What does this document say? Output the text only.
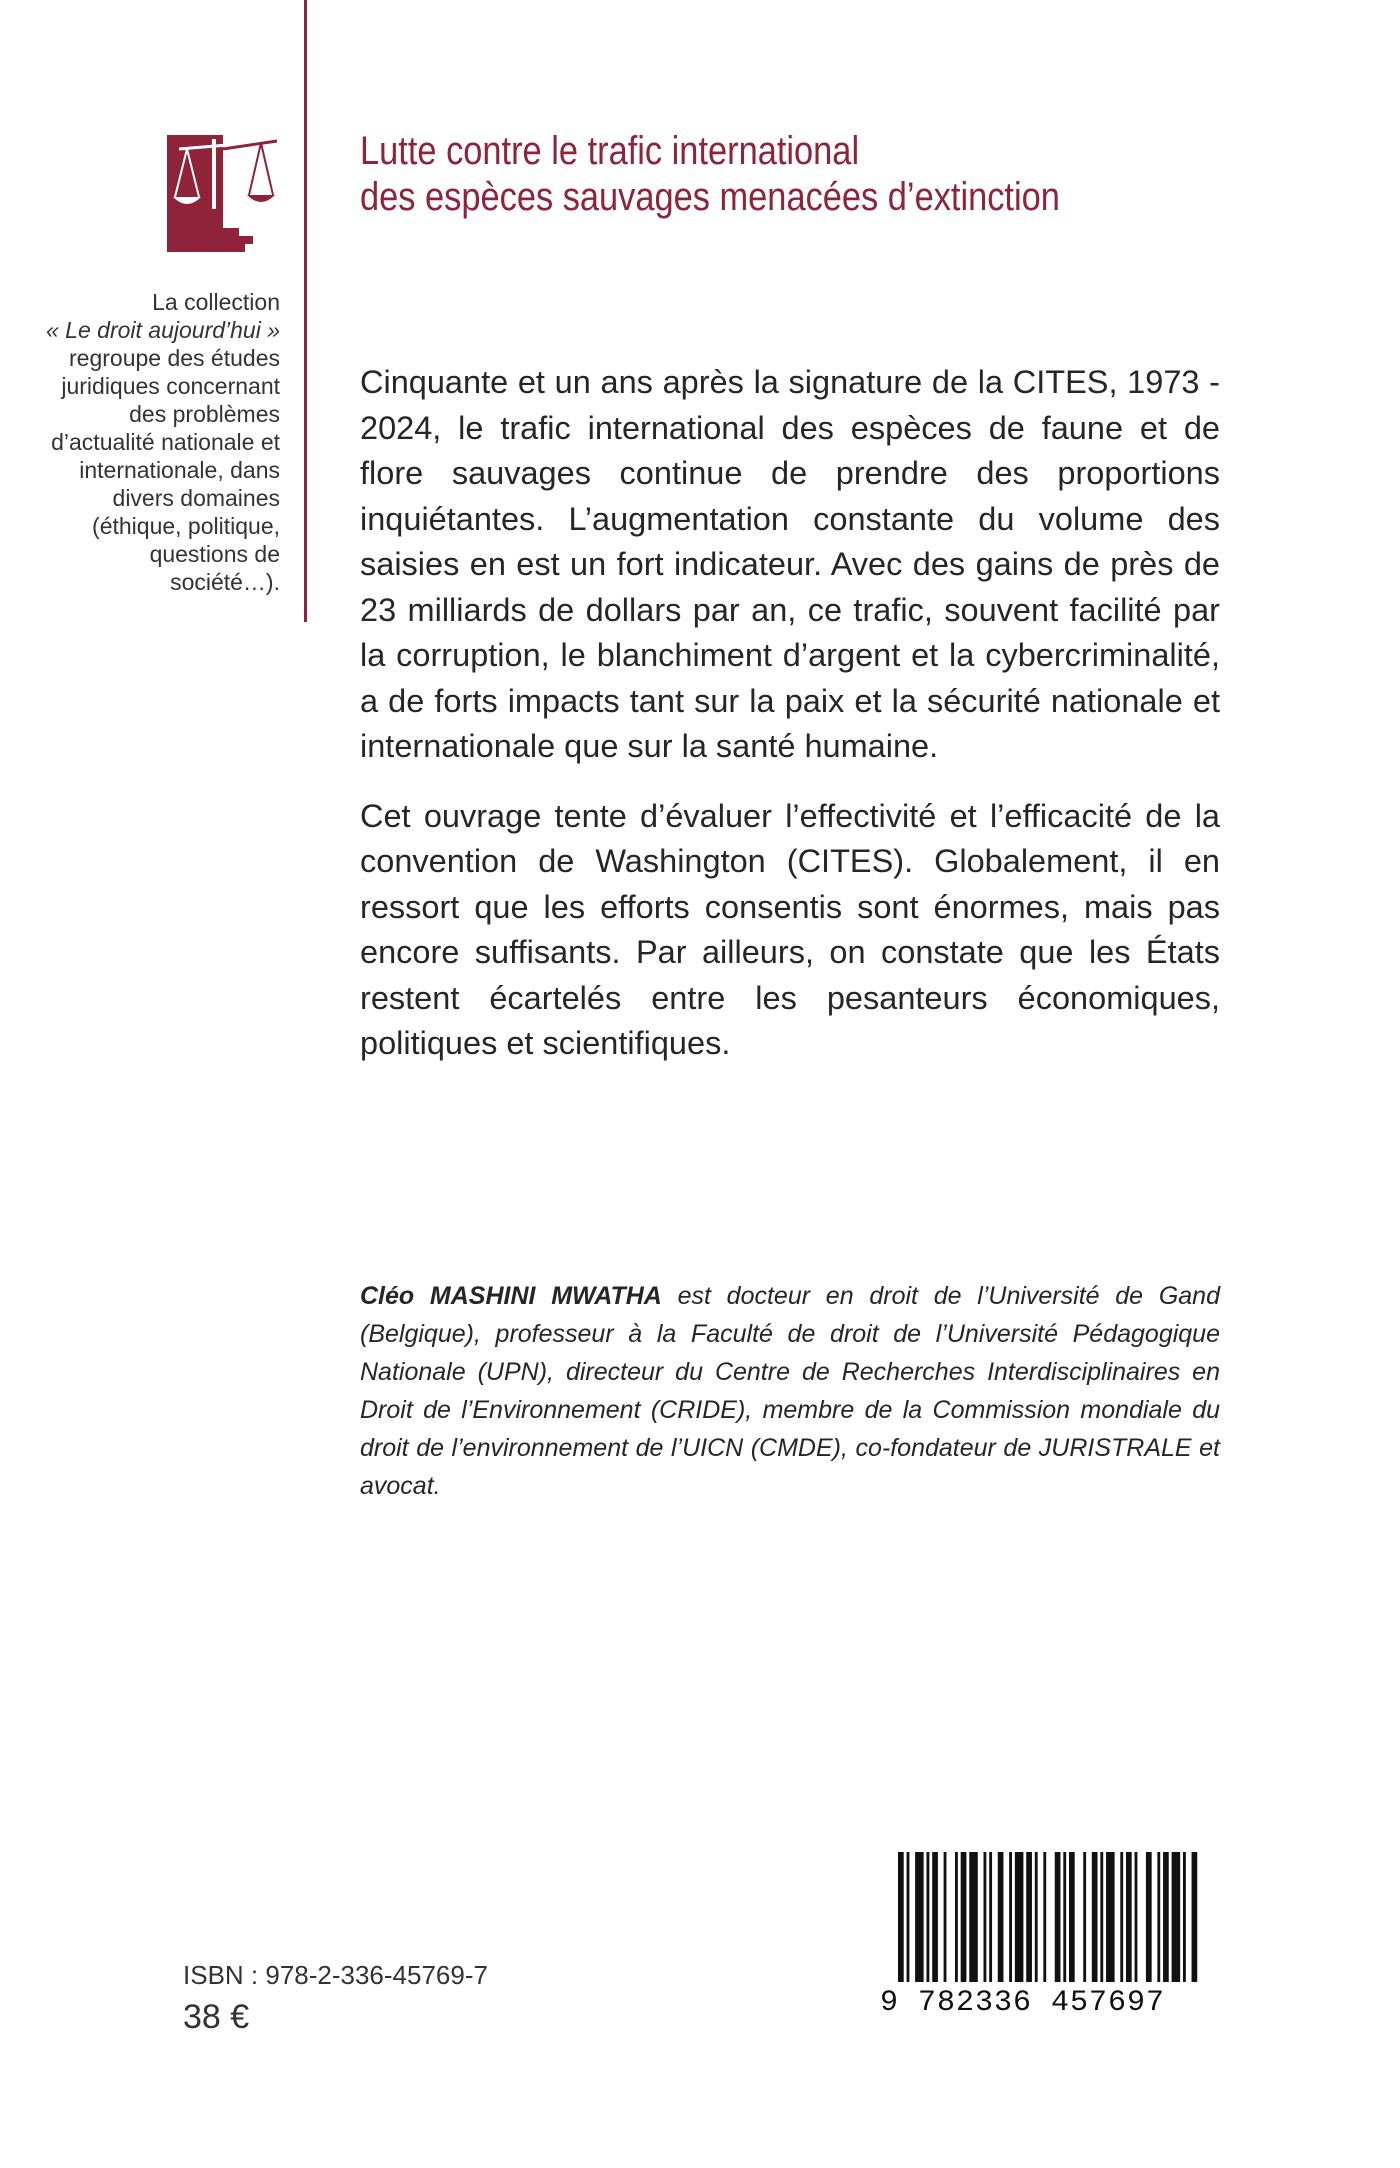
Lutte contre le trafic international
des espèces sauvages menacées d’extinction
La collection
« Le droit aujourd’hui »
regroupe des études juridiques concernant des problèmes d’actualité nationale et internationale, dans divers domaines (éthique, politique, questions de société…).

Cinquante et un ans après la signature de la CITES, 1973 - 2024, le trafic international des espèces de faune et de flore sauvages continue de prendre des proportions inquiétantes. L’augmentation constante du volume des saisies en est un fort indicateur. Avec des gains de près de 23 milliards de dollars par an, ce trafic, souvent facilité par la corruption, le blanchiment d’argent et la cybercriminalité, a de forts impacts tant sur la paix et la sécurité nationale et internationale que sur la santé humaine.

Cet ouvrage tente d’évaluer l’effectivité et l’efficacité de la convention de Washington (CITES). Globalement, il en ressort que les efforts consentis sont énormes, mais pas encore suffisants. Par ailleurs, on constate que les États restent écartelés entre les pesanteurs économiques, politiques et scientifiques.

Cléo MASHINI MWATHA est docteur en droit de l’Université de Gand (Belgique), professeur à la Faculté de droit de l’Université Pédagogique Nationale (UPN), directeur du Centre de Recherches Interdisciplinaires en Droit de l’Environnement (CRIDE), membre de la Commission mondiale du droit de l’environnement de l’UICN (CMDE), co-fondateur de JURISTRALE et avocat.
ISBN : 978-2-336-45769-7
38 €	9 782336 457697
